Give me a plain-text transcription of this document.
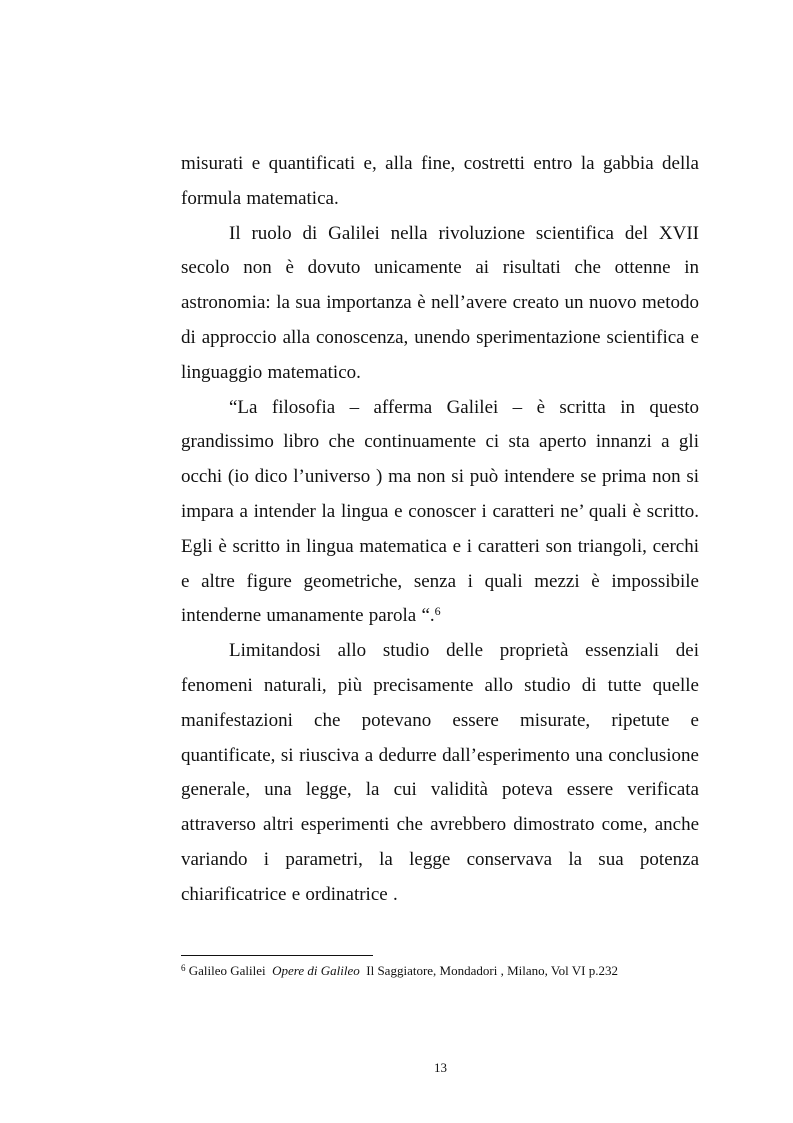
misurati e quantificati e, alla fine, costretti entro la gabbia della formula matematica.

Il ruolo di Galilei nella rivoluzione scientifica del XVII secolo non è dovuto unicamente ai risultati che ottenne in astronomia: la sua importanza è nell’avere creato un nuovo metodo di approccio alla conoscenza, unendo sperimentazione scientifica e linguaggio matematico.

“La filosofia – afferma Galilei – è scritta in questo grandissimo libro che continuamente ci sta aperto innanzi a gli occhi (io dico l’universo ) ma non si può intendere se prima non si impara a intender la lingua e conoscer i caratteri ne’ quali è scritto. Egli è scritto in lingua matematica e i caratteri son triangoli, cerchi e altre figure geometriche, senza i quali mezzi è impossibile intenderne umanamente parola “.$^6$

Limitandosi allo studio delle proprietà essenziali dei fenomeni naturali, più precisamente allo studio di tutte quelle manifestazioni che potevano essere misurate, ripetute e quantificate, si riusciva a dedurre dall’esperimento una conclusione generale, una legge, la cui validità poteva essere verificata attraverso altri esperimenti che avrebbero dimostrato come, anche variando i parametri, la legge conservava la sua potenza chiarificatrice e ordinatrice .

$^6$ Galileo Galilei Opere di Galileo Il Saggiatore, Mondadori , Milano, Vol VI p.232
13
